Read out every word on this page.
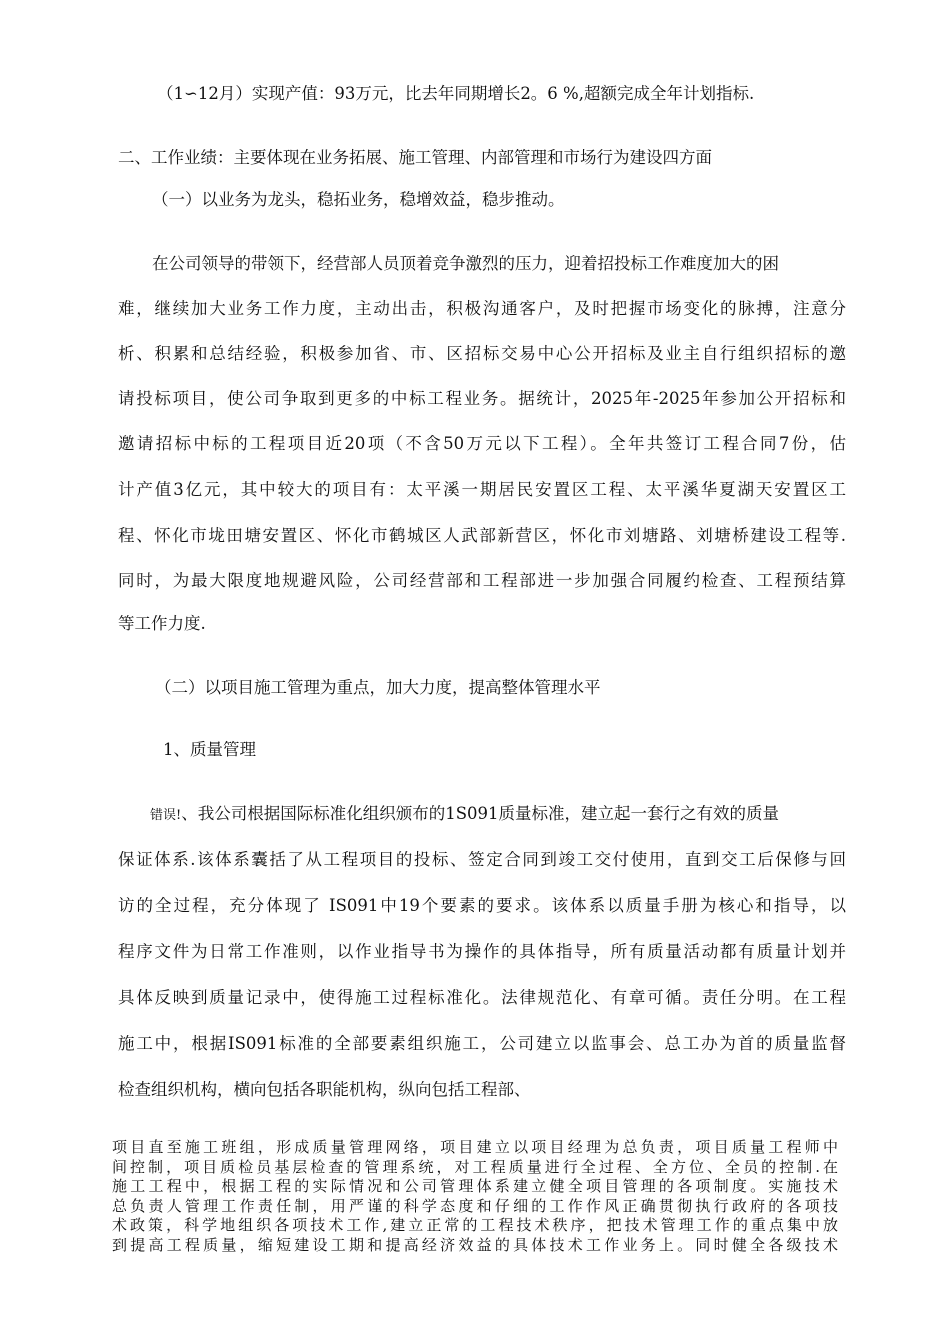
（1∽12月）实现产值：93万元，比去年同期增长2。6 %,超额完成全年计划指标.
二、工作业绩：主要体现在业务拓展、施工管理、内部管理和市场行为建设四方面
（一）以业务为龙头，稳拓业务，稳增效益，稳步推动。
在公司领导的带领下，经营部人员顶着竞争激烈的压力，迎着招投标工作难度加大的困
难，继续加大业务工作力度，主动出击，积极沟通客户，及时把握市场变化的脉搏，注意分
析、积累和总结经验，积极参加省、市、区招标交易中心公开招标及业主自行组织招标的邀
请投标项目，使公司争取到更多的中标工程业务。据统计，2025年-2025年参加公开招标和
邀请招标中标的工程项目近20项（不含50万元以下工程）。全年共签订工程合同7份，估
计产值3亿元，其中较大的项目有：太平溪一期居民安置区工程、太平溪华夏湖天安置区工
程、怀化市垅田塘安置区、怀化市鹤城区人武部新营区，怀化市刘塘路、刘塘桥建设工程等.
同时，为最大限度地规避风险，公司经营部和工程部进一步加强合同履约检查、工程预结算
等工作力度.
（二）以项目施工管理为重点，加大力度，提高整体管理水平
1、质量管理
错误!、我公司根据国际标准化组织颁布的1S091质量标准，建立起一套行之有效的质量
保证体系.该体系囊括了从工程项目的投标、签定合同到竣工交付使用，直到交工后保修与回
访的全过程，充分体现了 IS091中19个要素的要求。该体系以质量手册为核心和指导，以
程序文件为日常工作准则，以作业指导书为操作的具体指导，所有质量活动都有质量计划并
具体反映到质量记录中，使得施工过程标准化。法律规范化、有章可循。责任分明。在工程
施工中，根据IS091标准的全部要素组织施工，公司建立以监事会、总工办为首的质量监督
检查组织机构，横向包括各职能机构，纵向包括工程部、
项目直至施工班组，形成质量管理网络，项目建立以项目经理为总负责，项目质量工程师中
间控制，项目质检员基层检查的管理系统，对工程质量进行全过程、全方位、全员的控制.在
施工工程中，根据工程的实际情况和公司管理体系建立健全项目管理的各项制度。实施技术
总负责人管理工作责任制，用严谨的科学态度和仔细的工作作风正确贯彻执行政府的各项技
术政策，科学地组织各项技术工作,建立正常的工程技术秩序，把技术管理工作的重点集中放
到提高工程质量，缩短建设工期和提高经济效益的具体技术工作业务上。同时健全各级技术
